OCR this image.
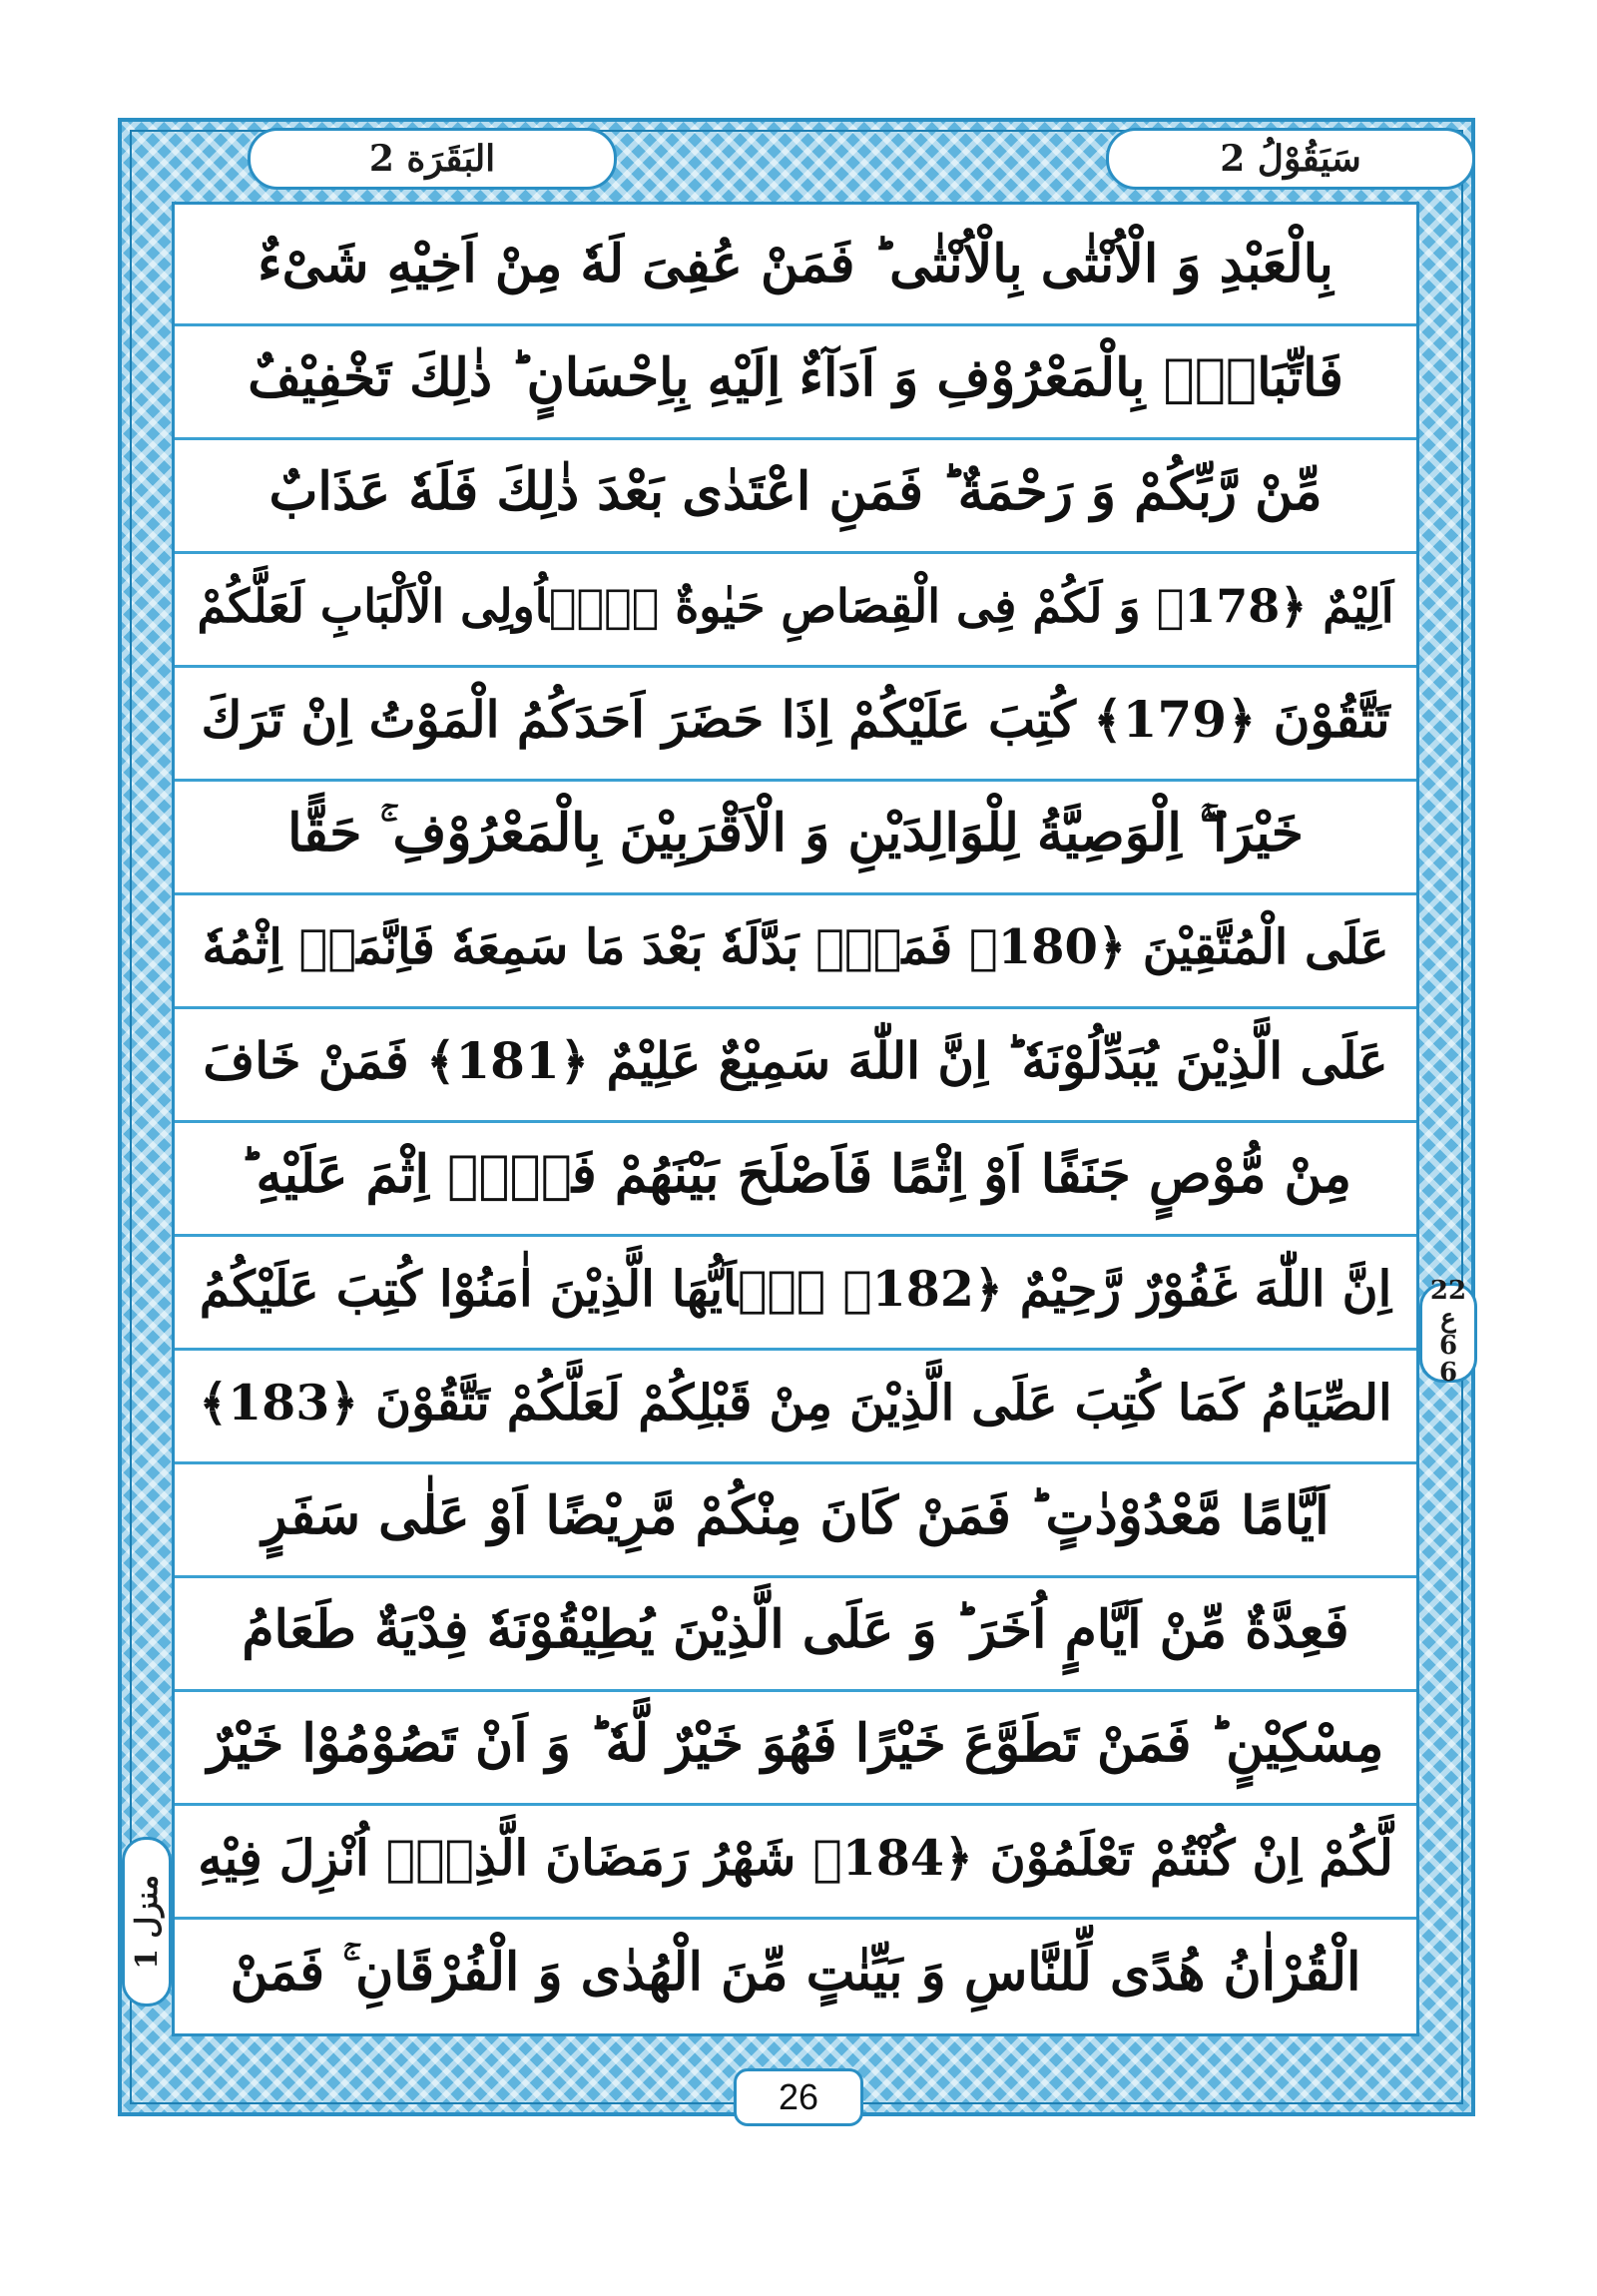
البَقَرَة 2	سَيَقُوْلُ 2
بِالْعَبْدِ وَ الْاُنْثٰى بِالْاُنْثٰى ؕ فَمَنْ عُفِیَ لَهٗ مِنْ اَخِیْهِ شَیْءٌ
فَاتِّبَاعٌۢ بِالْمَعْرُوْفِ وَ اَدَآءٌ اِلَیْهِ بِاِحْسَانٍ ؕ ذٰلِكَ تَخْفِیْفٌ
مِّنْ رَّبِّكُمْ وَ رَحْمَةٌ ؕ فَمَنِ اعْتَدٰى بَعْدَ ذٰلِكَ فَلَهٗ عَذَابٌ
اَلِیْمٌ ﴿178﴾ وَ لَكُمْ فِی الْقِصَاصِ حَیٰوةٌ یّٰۤاُولِی الْاَلْبَابِ لَعَلَّكُمْ
تَتَّقُوْنَ ﴿179﴾ كُتِبَ عَلَیْكُمْ اِذَا حَضَرَ اَحَدَكُمُ الْمَوْتُ اِنْ تَرَكَ
خَیْرَا ۖۚ اِلْوَصِیَّةُ لِلْوَالِدَیْنِ وَ الْاَقْرَبِیْنَ بِالْمَعْرُوْفِ ۚ حَقًّا
عَلَى الْمُتَّقِیْنَ ﴿180﴾ فَمَنْۢ بَدَّلَهٗ بَعْدَ مَا سَمِعَهٗ فَاِنَّمَاۤ اِثْمُهٗ
عَلَى الَّذِیْنَ یُبَدِّلُوْنَهٗ ؕ اِنَّ اللّٰهَ سَمِیْعٌ عَلِیْمٌ ﴿181﴾ فَمَنْ خَافَ
مِنْ مُّوْصٍ جَنَفًا اَوْ اِثْمًا فَاَصْلَحَ بَیْنَهُمْ فَلَاۤ اِثْمَ عَلَیْهِ ؕ
اِنَّ اللّٰهَ غَفُوْرٌ رَّحِیْمٌ ﴿182﴾ یٰۤاَیُّهَا الَّذِیْنَ اٰمَنُوْا كُتِبَ عَلَیْكُمُ
الصِّیَامُ كَمَا كُتِبَ عَلَى الَّذِیْنَ مِنْ قَبْلِكُمْ لَعَلَّكُمْ تَتَّقُوْنَ ﴿183﴾
اَیَّامًا مَّعْدُوْدٰتٍ ؕ فَمَنْ كَانَ مِنْكُمْ مَّرِیْضًا اَوْ عَلٰى سَفَرٍ
فَعِدَّةٌ مِّنْ اَیَّامٍ اُخَرَ ؕ وَ عَلَى الَّذِیْنَ یُطِیْقُوْنَهٗ فِدْیَةٌ طَعَامُ
مِسْكِیْنٍ ؕ فَمَنْ تَطَوَّعَ خَیْرًا فَهُوَ خَیْرٌ لَّهٗ ؕ وَ اَنْ تَصُوْمُوْا خَیْرٌ
لَّكُمْ اِنْ كُنْتُمْ تَعْلَمُوْنَ ﴿184﴾ شَهْرُ رَمَضَانَ الَّذِیْۤ اُنْزِلَ فِیْهِ
الْقُرْاٰنُ هُدًى لِّلنَّاسِ وَ بَیِّنٰتٍ مِّنَ الْهُدٰى وَ الْفُرْقَانِ ۚ فَمَنْ
22
ع
6
6
منزل 1
26
